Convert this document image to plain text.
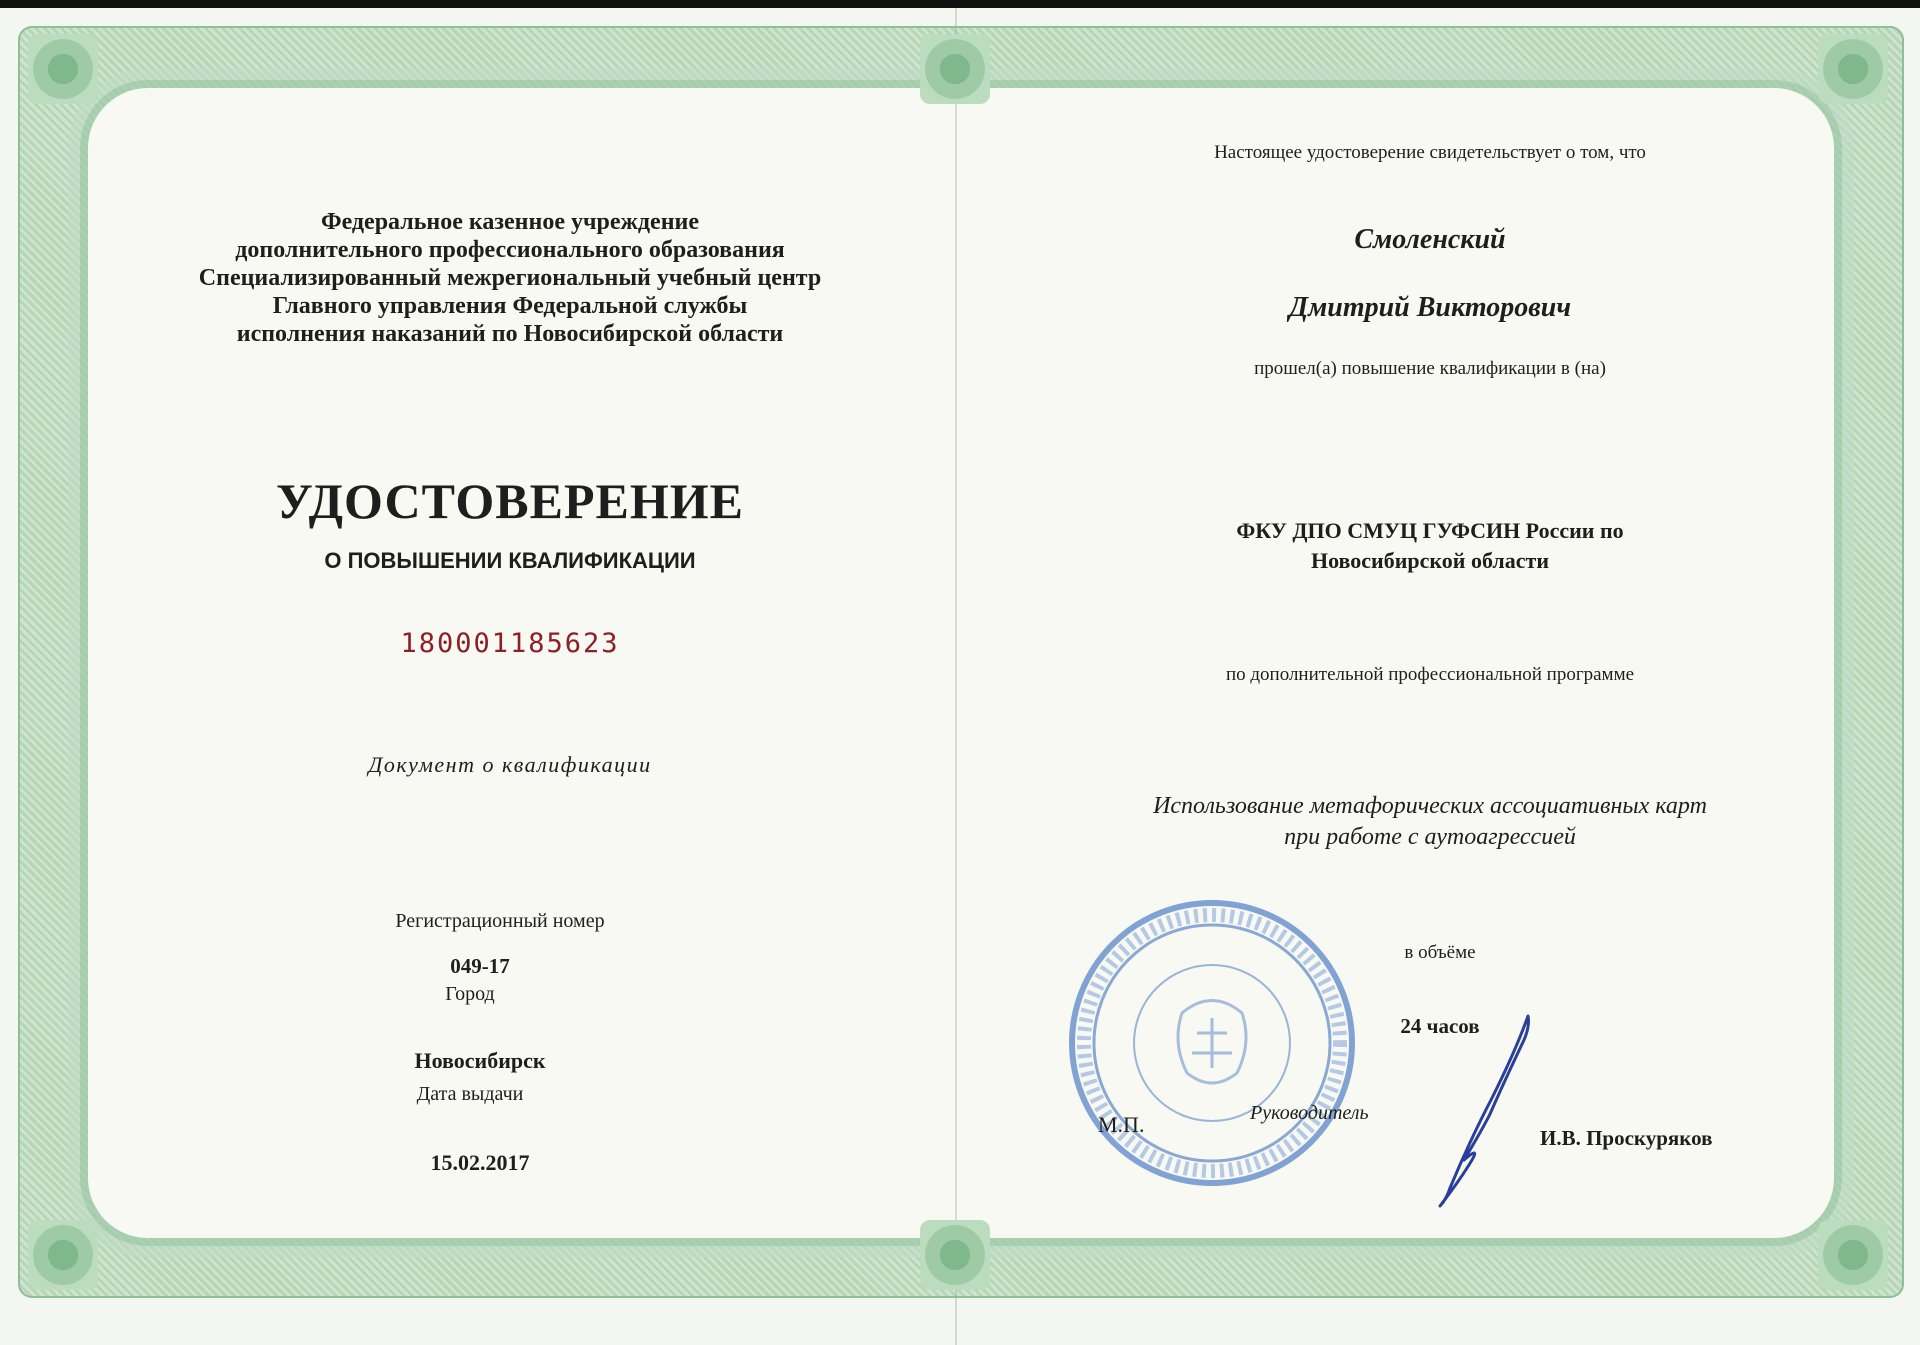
Федеральное казенное учреждение
дополнительного профессионального образования
Специализированный межрегиональный учебный центр
Главного управления Федеральной службы
исполнения наказаний по Новосибирской области
УДОСТОВЕРЕНИЕ
О ПОВЫШЕНИИ КВАЛИФИКАЦИИ
180001185623
Документ о квалификации
Регистрационный номер
049-17
Город
Новосибирск
Дата выдачи
15.02.2017
Настоящее удостоверение свидетельствует о том, что
Смоленский
Дмитрий Викторович
прошел(а) повышение квалификации в (на)
ФКУ ДПО СМУЦ ГУФСИН России по
Новосибирской области
по дополнительной профессиональной программе
Использование метафорических ассоциативных карт
при работе с аутоагрессией
в объёме
24 часов
М.П.	Руководитель
И.В. Проскуряков
